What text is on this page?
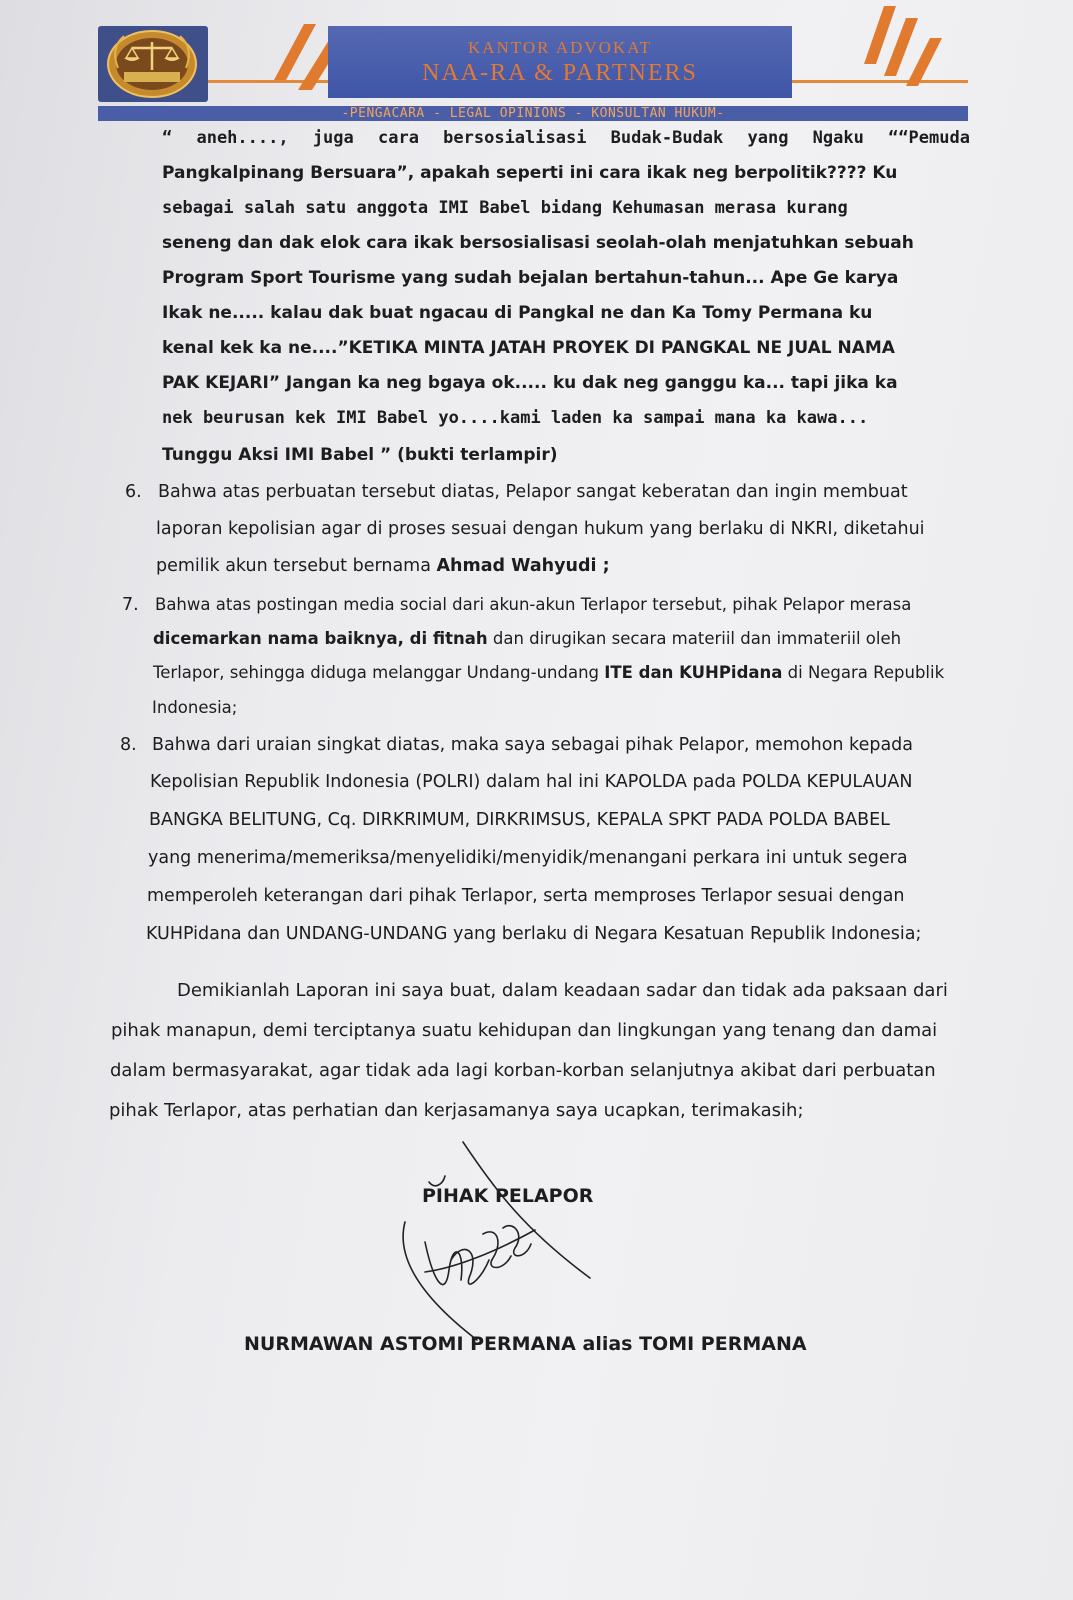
KANTOR ADVOKAT
NAA-RA & PARTNERS
-PENGACARA - LEGAL OPINIONS - KONSULTAN HUKUM-
“ aneh...., juga cara bersosialisasi Budak-Budak yang Ngaku ““Pemuda
Pangkalpinang Bersuara”, apakah seperti ini cara ikak neg berpolitik???? Ku
sebagai salah satu anggota IMI Babel bidang Kehumasan merasa kurang
seneng dan dak elok cara ikak bersosialisasi seolah-olah menjatuhkan sebuah
Program Sport Tourisme yang sudah bejalan bertahun-tahun... Ape Ge karya
Ikak ne..... kalau dak buat ngacau di Pangkal ne dan Ka Tomy Permana ku
kenal kek ka ne....”KETIKA MINTA JATAH PROYEK DI PANGKAL NE JUAL NAMA
PAK KEJARI” Jangan ka neg bgaya ok..... ku dak neg ganggu ka... tapi jika ka
nek beurusan kek IMI Babel yo....kami laden ka sampai mana ka kawa...
Tunggu Aksi IMI Babel ” (bukti terlampir)
6. Bahwa atas perbuatan tersebut diatas, Pelapor sangat keberatan dan ingin membuat
laporan kepolisian agar di proses sesuai dengan hukum yang berlaku di NKRI, diketahui
pemilik akun tersebut bernama Ahmad Wahyudi ;
7. Bahwa atas postingan media social dari akun-akun Terlapor tersebut, pihak Pelapor merasa
dicemarkan nama baiknya, di fitnah dan dirugikan secara materiil dan immateriil oleh
Terlapor, sehingga diduga melanggar Undang-undang ITE dan KUHPidana di Negara Republik
Indonesia;
8. Bahwa dari uraian singkat diatas, maka saya sebagai pihak Pelapor, memohon kepada
Kepolisian Republik Indonesia (POLRI) dalam hal ini KAPOLDA pada POLDA KEPULAUAN
BANGKA BELITUNG, Cq. DIRKRIMUM, DIRKRIMSUS, KEPALA SPKT PADA POLDA BABEL
yang menerima/memeriksa/menyelidiki/menyidik/menangani perkara ini untuk segera
memperoleh keterangan dari pihak Terlapor, serta memproses Terlapor sesuai dengan
KUHPidana dan UNDANG-UNDANG yang berlaku di Negara Kesatuan Republik Indonesia;
Demikianlah Laporan ini saya buat, dalam keadaan sadar dan tidak ada paksaan dari
pihak manapun, demi terciptanya suatu kehidupan dan lingkungan yang tenang dan damai
dalam bermasyarakat, agar tidak ada lagi korban-korban selanjutnya akibat dari perbuatan
pihak Terlapor, atas perhatian dan kerjasamanya saya ucapkan, terimakasih;
PIHAK PELAPOR
NURMAWAN ASTOMI PERMANA alias TOMI PERMANA
